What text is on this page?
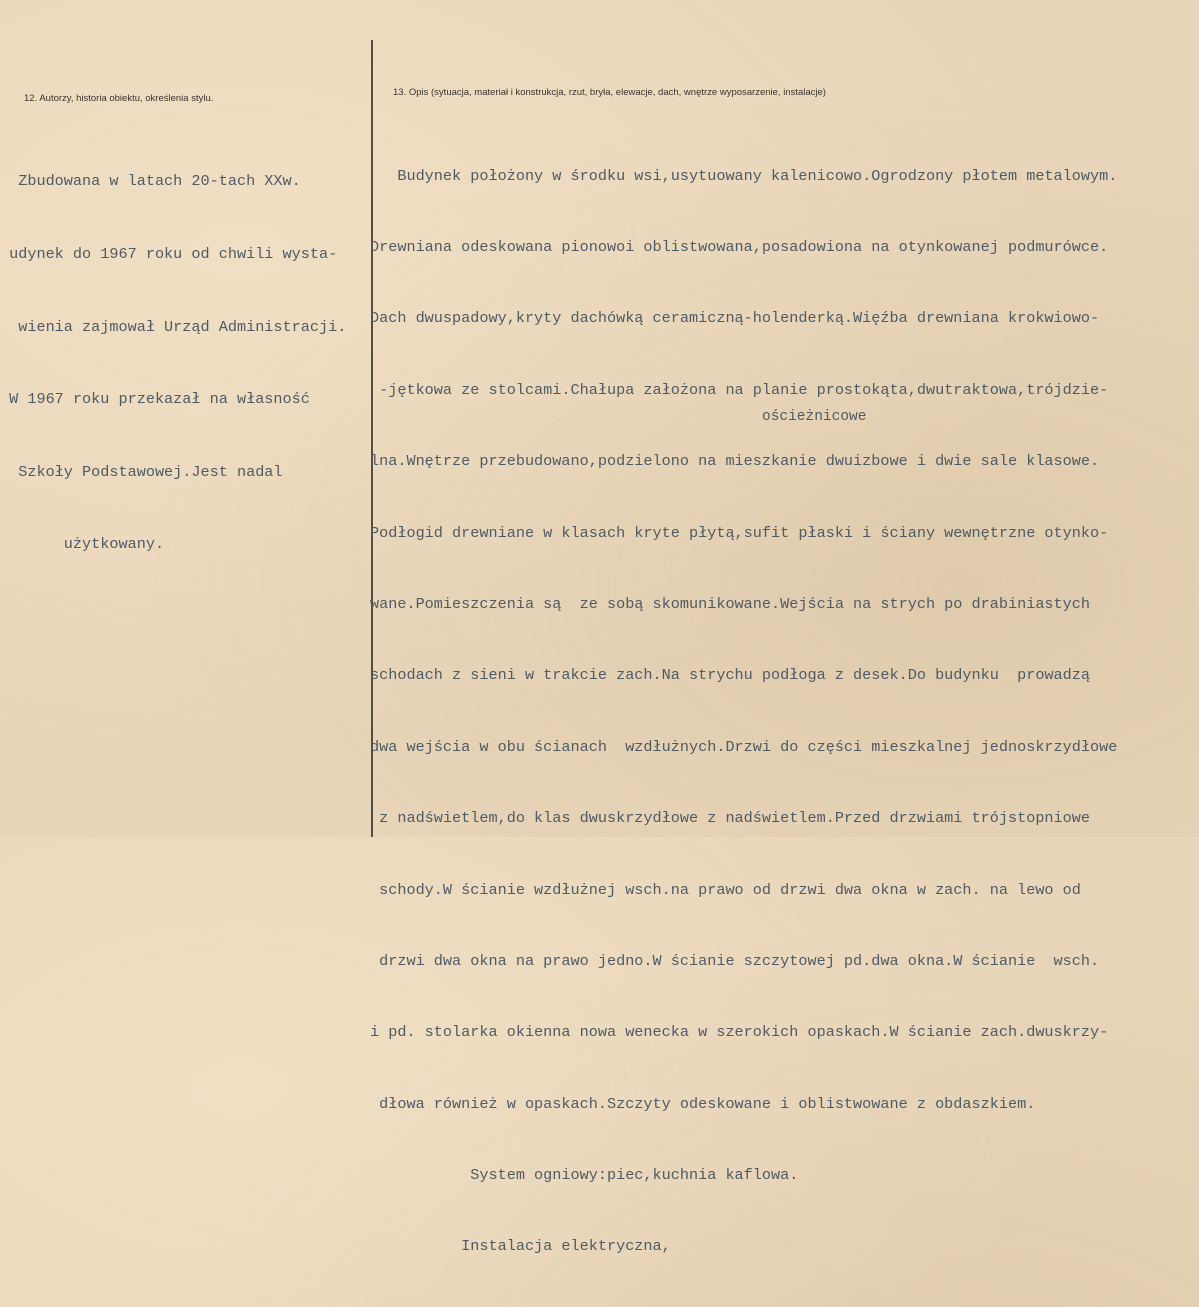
12. Autorzy, historia obiektu, określenia stylu.
13. Opis (sytuacja, materiał i konstrukcja, rzut, bryła, elewacje, dach, wnętrze wyposarzenie, instalacje)

Zbudowana w latach 20-tach XXw.

udynek do 1967 roku od chwili wysta-

wienia zajmował Urząd Administracji.

W 1967 roku przekazał na własność

Szkoły Podstawowej.Jest nadal

użytkowany.

Budynek położony w środku wsi,usytuowany kalenicowo.Ogrodzony płotem metalowym.

Drewniana odeskowana pionowoi oblistwowana,posadowiona na otynkowanej podmurówce.

Dach dwuspadowy,kryty dachówką ceramiczną-holenderką.Więźba drewniana krokwiowo-

-jętkowa ze stolcami.Chałupa założona na planie prostokąta,dwutraktowa,trójdzie-

lna.Wnętrze przebudowano,podzielono na mieszkanie dwuizbowe i dwie sale klasowe.

Podłogid drewniane w klasach kryte płytą,sufit płaski i ściany wewnętrzne otynko-

wane.Pomieszczenia są  ze sobą skomunikowane.Wejścia na strych po drabiniastych

schodach z sieni w trakcie zach.Na strychu podłoga z desek.Do budynku  prowadzą

dwa wejścia w obu ścianach  wzdłużnych.Drzwi do części mieszkalnej jednoskrzydłowe

z nadświetlem,do klas dwuskrzydłowe z nadświetlem.Przed drzwiami trójstopniowe

schody.W ścianie wzdłużnej wsch.na prawo od drzwi dwa okna w zach. na lewo od

drzwi dwa okna na prawo jedno.W ścianie szczytowej pd.dwa okna.W ścianie  wsch.

i pd. stolarka okienna nowa wenecka w szerokich opaskach.W ścianie zach.dwuskrzy-

dłowa również w opaskach.Szczyty odeskowane i oblistwowane z obdaszkiem.

System ogniowy:piec,kuchnia kaflowa.

Instalacja elektryczna,

ościeżnicowe
